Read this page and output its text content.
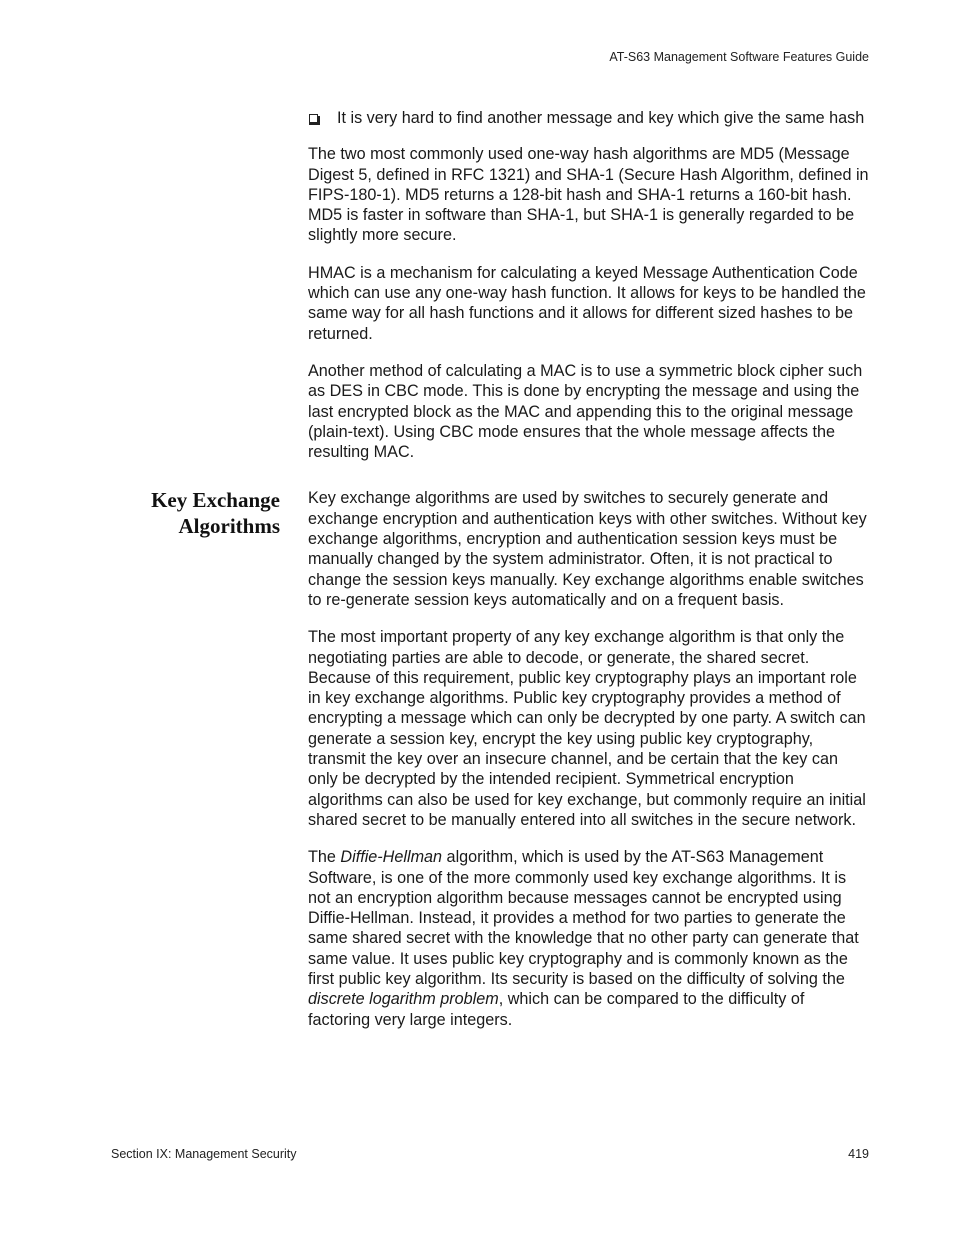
AT-S63 Management Software Features Guide
It is very hard to find another message and key which give the same hash

The two most commonly used one-way hash algorithms are MD5 (Message Digest 5, defined in RFC 1321) and SHA-1 (Secure Hash Algorithm, defined in FIPS-180-1). MD5 returns a 128-bit hash and SHA-1 returns a 160-bit hash. MD5 is faster in software than SHA-1, but SHA-1 is generally regarded to be slightly more secure.

HMAC is a mechanism for calculating a keyed Message Authentication Code which can use any one-way hash function. It allows for keys to be handled the same way for all hash functions and it allows for different sized hashes to be returned.

Another method of calculating a MAC is to use a symmetric block cipher such as DES in CBC mode. This is done by encrypting the message and using the last encrypted block as the MAC and appending this to the original message (plain-text). Using CBC mode ensures that the whole message affects the resulting MAC.

Key Exchange
Algorithms

Key exchange algorithms are used by switches to securely generate and exchange encryption and authentication keys with other switches. Without key exchange algorithms, encryption and authentication session keys must be manually changed by the system administrator. Often, it is not practical to change the session keys manually. Key exchange algorithms enable switches to re-generate session keys automatically and on a frequent basis.

The most important property of any key exchange algorithm is that only the negotiating parties are able to decode, or generate, the shared secret. Because of this requirement, public key cryptography plays an important role in key exchange algorithms. Public key cryptography provides a method of encrypting a message which can only be decrypted by one party. A switch can generate a session key, encrypt the key using public key cryptography, transmit the key over an insecure channel, and be certain that the key can only be decrypted by the intended recipient. Symmetrical encryption algorithms can also be used for key exchange, but commonly require an initial shared secret to be manually entered into all switches in the secure network.

The Diffie-Hellman algorithm, which is used by the AT-S63 Management Software, is one of the more commonly used key exchange algorithms. It is not an encryption algorithm because messages cannot be encrypted using Diffie-Hellman. Instead, it provides a method for two parties to generate the same shared secret with the knowledge that no other party can generate that same value. It uses public key cryptography and is commonly known as the first public key algorithm. Its security is based on the difficulty of solving the discrete logarithm problem, which can be compared to the difficulty of factoring very large integers.

Section IX: Management Security	419
